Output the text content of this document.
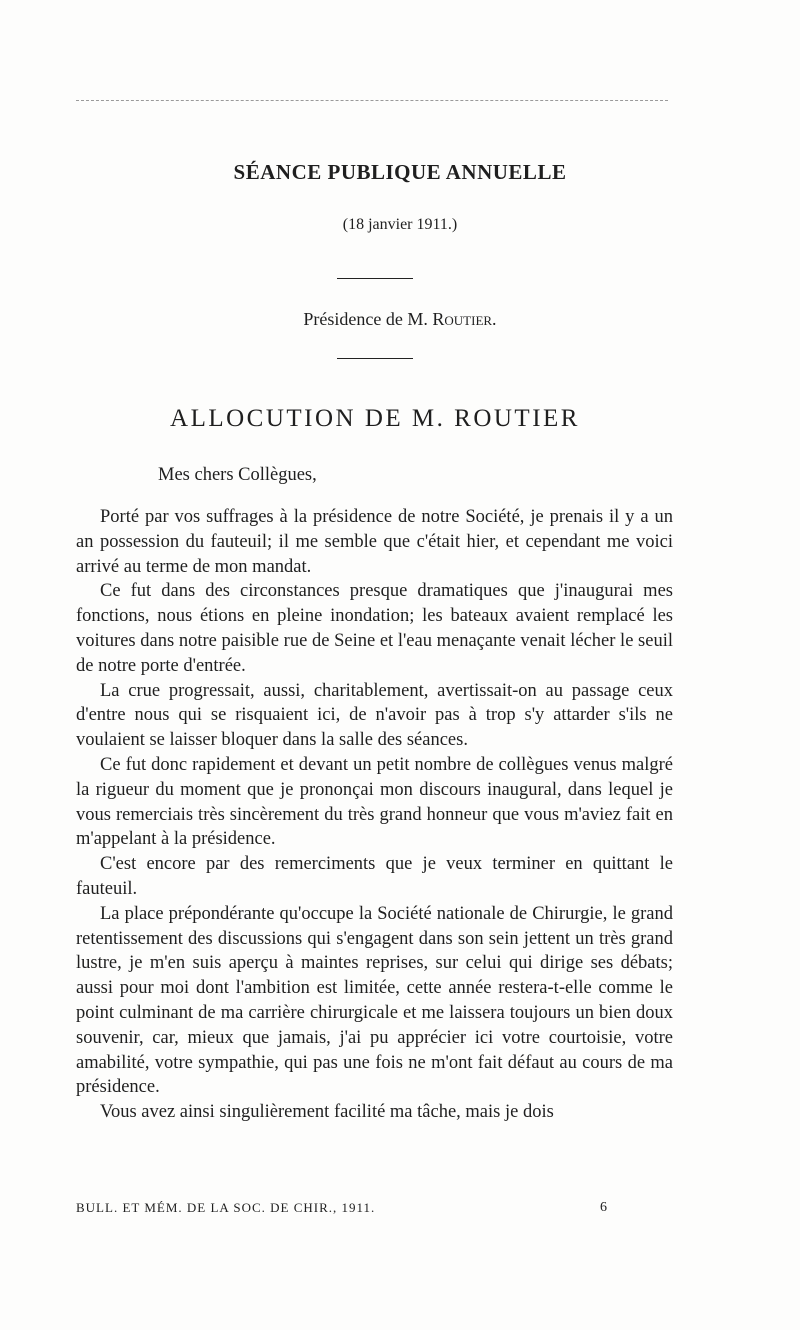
SÉANCE PUBLIQUE ANNUELLE
(18 janvier 1911.)
Présidence de M. Routier.
ALLOCUTION DE M. ROUTIER
Mes chers Collègues,

Porté par vos suffrages à la présidence de notre Société, je prenais il y a un an possession du fauteuil; il me semble que c'était hier, et cependant me voici arrivé au terme de mon mandat.

Ce fut dans des circonstances presque dramatiques que j'inaugurai mes fonctions, nous étions en pleine inondation; les bateaux avaient remplacé les voitures dans notre paisible rue de Seine et l'eau menaçante venait lécher le seuil de notre porte d'entrée.

La crue progressait, aussi, charitablement, avertissait-on au passage ceux d'entre nous qui se risquaient ici, de n'avoir pas à trop s'y attarder s'ils ne voulaient se laisser bloquer dans la salle des séances.

Ce fut donc rapidement et devant un petit nombre de collègues venus malgré la rigueur du moment que je prononçai mon discours inaugural, dans lequel je vous remerciais très sincèrement du très grand honneur que vous m'aviez fait en m'appelant à la présidence.

C'est encore par des remerciments que je veux terminer en quittant le fauteuil.

La place prépondérante qu'occupe la Société nationale de Chirurgie, le grand retentissement des discussions qui s'engagent dans son sein jettent un très grand lustre, je m'en suis aperçu à maintes reprises, sur celui qui dirige ses débats; aussi pour moi dont l'ambition est limitée, cette année restera-t-elle comme le point culminant de ma carrière chirurgicale et me laissera toujours un bien doux souvenir, car, mieux que jamais, j'ai pu apprécier ici votre courtoisie, votre amabilité, votre sympathie, qui pas une fois ne m'ont fait défaut au cours de ma présidence.

Vous avez ainsi singulièrement facilité ma tâche, mais je dois

BULL. ET MÉM. DE LA SOC. DE CHIR., 1911.	6
